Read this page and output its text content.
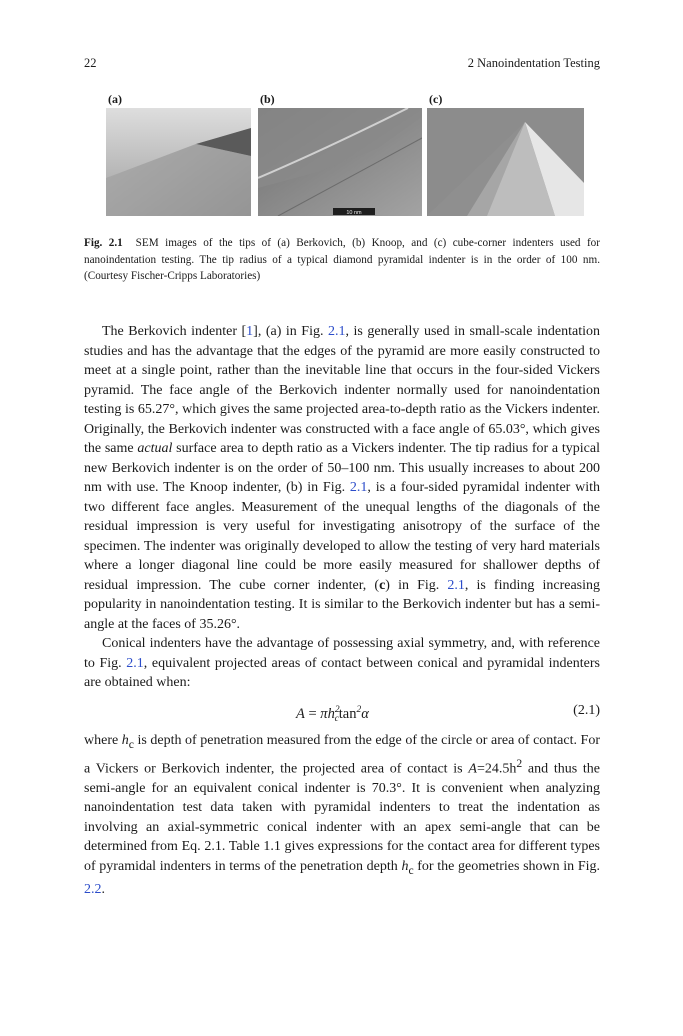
22	2 Nanoindentation Testing
(a)	(b)
10 nm
(c)
Fig. 2.1 SEM images of the tips of (a) Berkovich, (b) Knoop, and (c) cube-corner indenters used for nanoindentation testing. The tip radius of a typical diamond pyramidal indenter is in the order of 100 nm. (Courtesy Fischer-Cripps Laboratories)

The Berkovich indenter [1], (a) in Fig. 2.1, is generally used in small-scale indentation studies and has the advantage that the edges of the pyramid are more easily constructed to meet at a single point, rather than the inevitable line that occurs in the four-sided Vickers pyramid. The face angle of the Berkovich indenter normally used for nanoindentation testing is 65.27°, which gives the same projected area-to-depth ratio as the Vickers indenter. Originally, the Berkovich indenter was constructed with a face angle of 65.03°, which gives the same actual surface area to depth ratio as a Vickers indenter. The tip radius for a typical new Berkovich indenter is on the order of 50–100 nm. This usually increases to about 200 nm with use. The Knoop indenter, (b) in Fig. 2.1, is a four-sided pyramidal indenter with two different face angles. Measurement of the unequal lengths of the diagonals of the residual impression is very useful for investigating anisotropy of the surface of the specimen. The indenter was originally developed to allow the testing of very hard materials where a longer diagonal line could be more easily measured for shallower depths of residual impression. The cube corner indenter, (c) in Fig. 2.1, is finding increasing popularity in nanoindentation testing. It is similar to the Berkovich indenter but has a semi-angle at the faces of 35.26°.

Conical indenters have the advantage of possessing axial symmetry, and, with reference to Fig. 2.1, equivalent projected areas of contact between conical and pyramidal indenters are obtained when:

$A = \pi h^2_c\tan^2\alpha$	(2.1)

where $h_c$ is depth of penetration measured from the edge of the circle or area of contact. For a Vickers or Berkovich indenter, the projected area of contact is $A=24.5h^2$ and thus the semi-angle for an equivalent conical indenter is 70.3°. It is convenient when analyzing nanoindentation test data taken with pyramidal indenters to treat the indentation as involving an axial-symmetric conical indenter with an apex semi-angle that can be determined from Eq. 2.1. Table 1.1 gives expressions for the contact area for different types of pyramidal indenters in terms of the penetration depth $h_c$ for the geometries shown in Fig. 2.2.
